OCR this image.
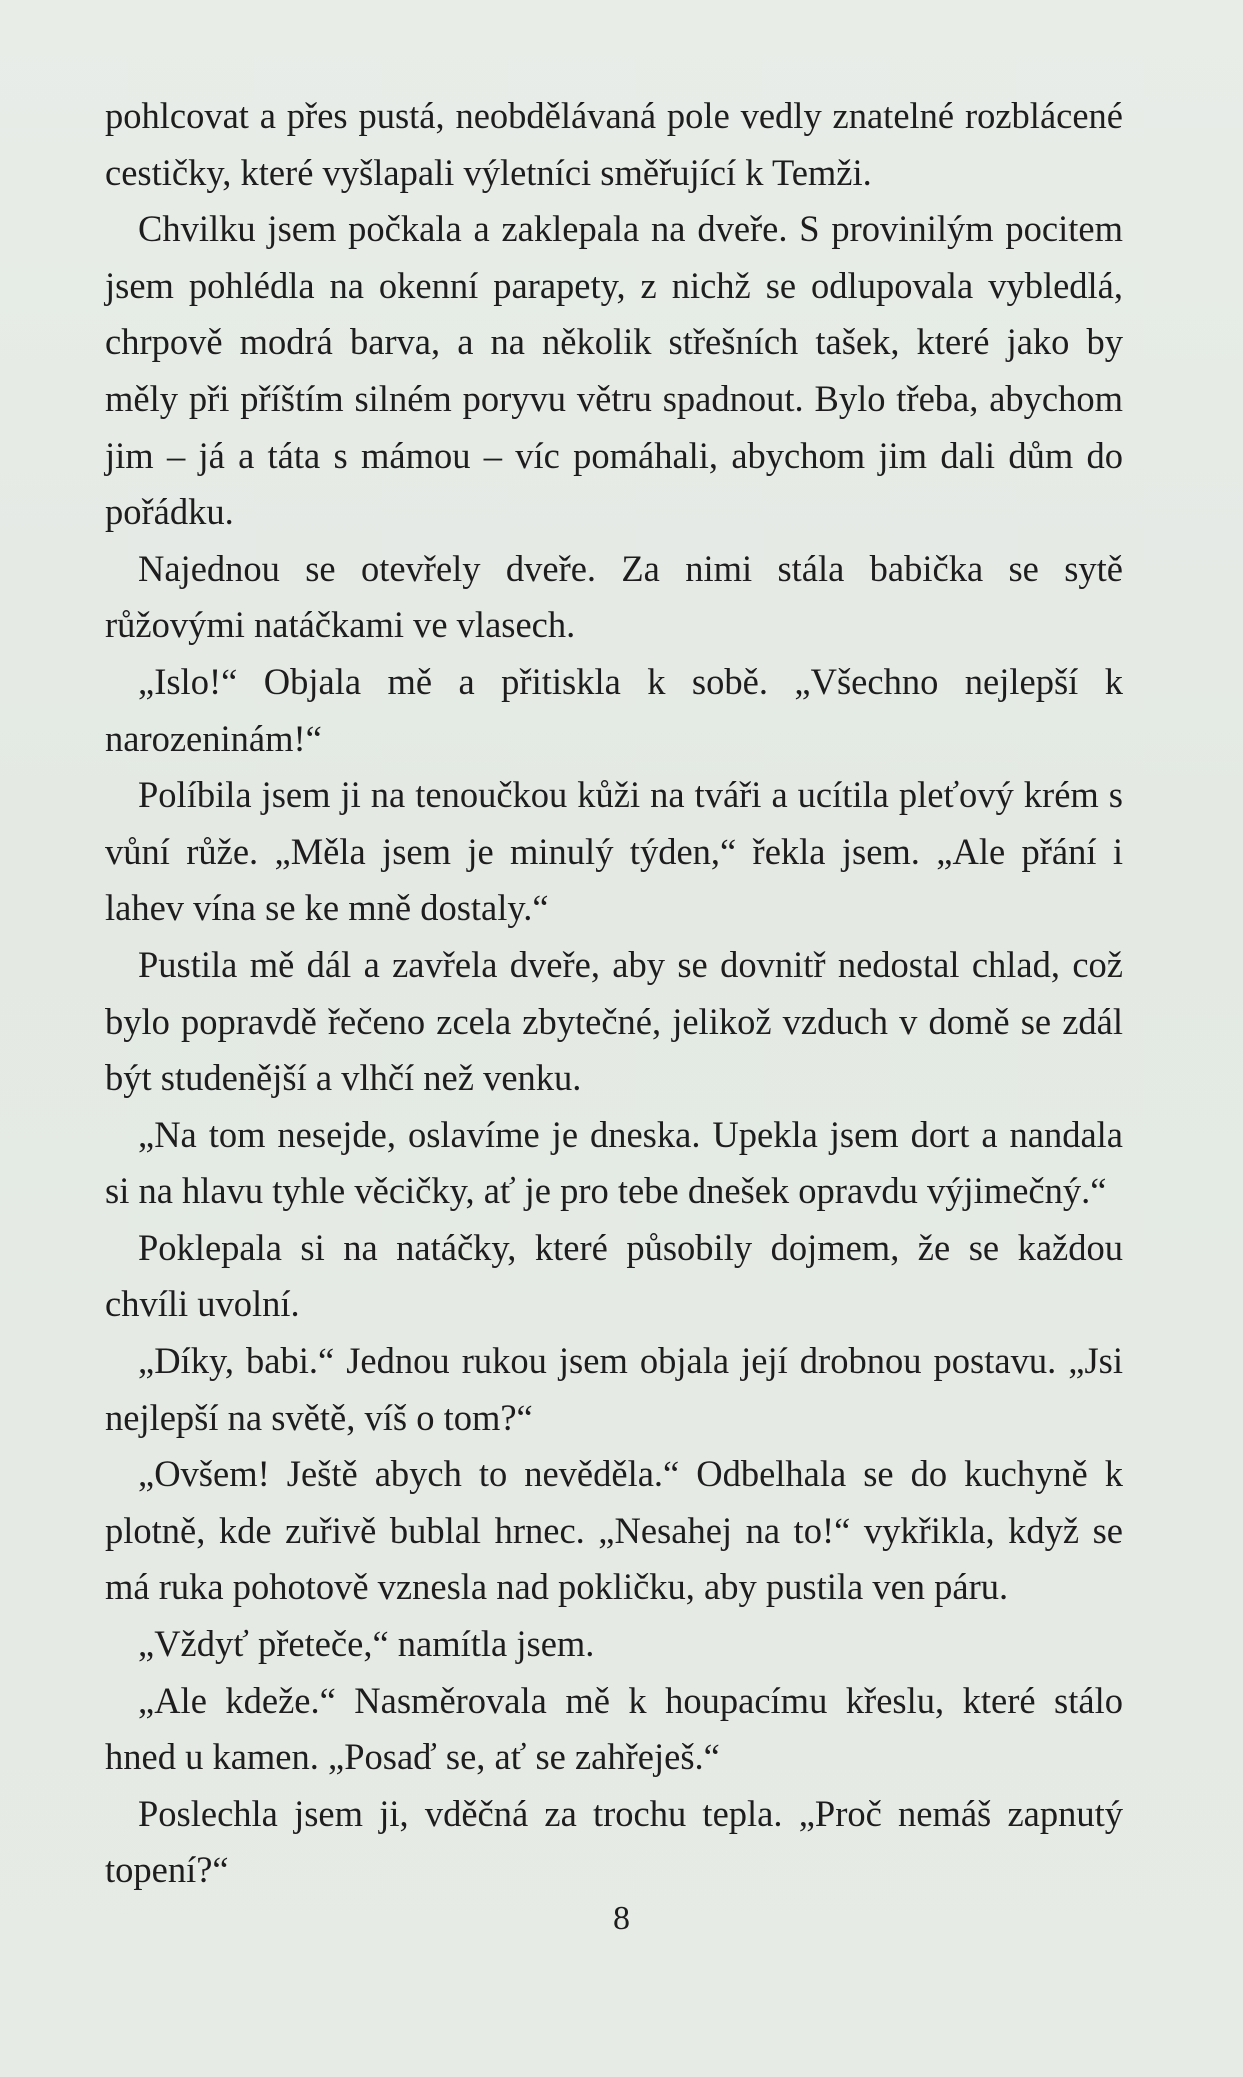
pohlcovat a přes pustá, neobdělávaná pole vedly znatelné rozblácené cestičky, které vyšlapali výletníci směřující k Temži.

Chvilku jsem počkala a zaklepala na dveře. S provinilým pocitem jsem pohlédla na okenní parapety, z nichž se odlupovala vybledlá, chrpově modrá barva, a na několik střešních tašek, které jako by měly při příštím silném poryvu větru spadnout. Bylo třeba, abychom jim – já a táta s mámou – víc pomáhali, abychom jim dali dům do pořádku.

Najednou se otevřely dveře. Za nimi stála babička se sytě růžovými natáčkami ve vlasech.

„Islo!“ Objala mě a přitiskla k sobě. „Všechno nejlepší k narozeninám!“

Políbila jsem ji na tenoučkou kůži na tváři a ucítila pleťový krém s vůní růže. „Měla jsem je minulý týden,“ řekla jsem. „Ale přání i lahev vína se ke mně dostaly.“

Pustila mě dál a zavřela dveře, aby se dovnitř nedostal chlad, což bylo popravdě řečeno zcela zbytečné, jelikož vzduch v domě se zdál být studenější a vlhčí než venku.

„Na tom nesejde, oslavíme je dneska. Upekla jsem dort a nandala si na hlavu tyhle věcičky, ať je pro tebe dnešek opravdu výjimečný.“

Poklepala si na natáčky, které působily dojmem, že se každou chvíli uvolní.

„Díky, babi.“ Jednou rukou jsem objala její drobnou postavu. „Jsi nejlepší na světě, víš o tom?“

„Ovšem! Ještě abych to nevěděla.“ Odbelhala se do kuchyně k plotně, kde zuřivě bublal hrnec. „Nesahej na to!“ vykřikla, když se má ruka pohotově vznesla nad pokličku, aby pustila ven páru.

„Vždyť přeteče,“ namítla jsem.

„Ale kdeže.“ Nasměrovala mě k houpacímu křeslu, které stálo hned u kamen. „Posaď se, ať se zahřeješ.“

Poslechla jsem ji, vděčná za trochu tepla. „Proč nemáš zapnutý topení?“

8
